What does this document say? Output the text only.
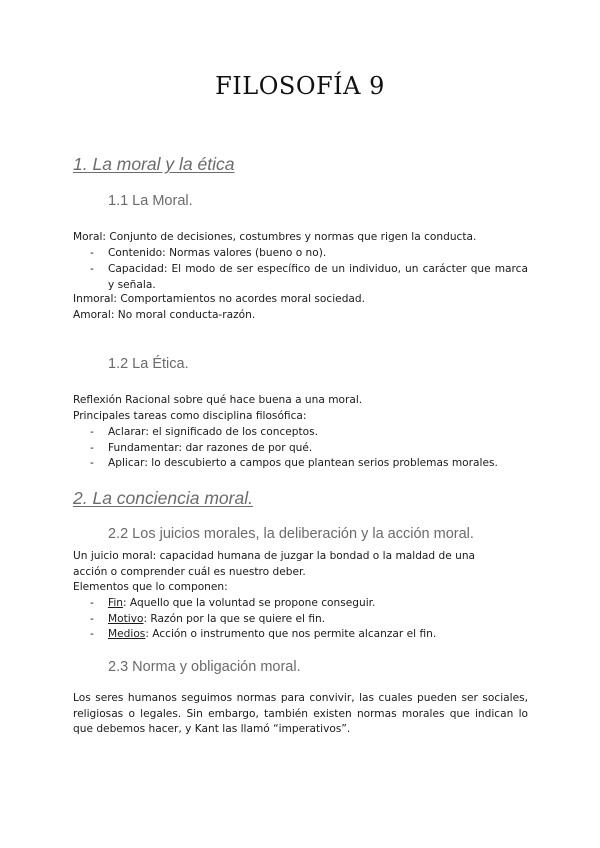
FILOSOFÍA 9
1. La moral y la ética
1.1 La Moral.
Moral: Conjunto de decisiones, costumbres y normas que rigen la conducta.
- Contenido: Normas valores (bueno o no).
- Capacidad: El modo de ser específico de un individuo, un carácter que marca y señala.
Inmoral: Comportamientos no acordes moral sociedad.
Amoral: No moral conducta-razón.
1.2 La Ética.
Reflexión Racional sobre qué hace buena a una moral.
Principales tareas como disciplina filosófica:
- Aclarar: el significado de los conceptos.
- Fundamentar: dar razones de por qué.
- Aplicar: lo descubierto a campos que plantean serios problemas morales.
2. La conciencia moral.
2.2 Los juicios morales, la deliberación y la acción moral.
Un juicio moral: capacidad humana de juzgar la bondad o la maldad de una
acción o comprender cuál es nuestro deber.
Elementos que lo componen:
- Fin: Aquello que la voluntad se propone conseguir.
- Motivo: Razón por la que se quiere el fin.
- Medios: Acción o instrumento que nos permite alcanzar el fin.
2.3 Norma y obligación moral.
Los seres humanos seguimos normas para convivir, las cuales pueden ser sociales, religiosas o legales. Sin embargo, también existen normas morales que indican lo que debemos hacer, y Kant las llamó “imperativos”.
